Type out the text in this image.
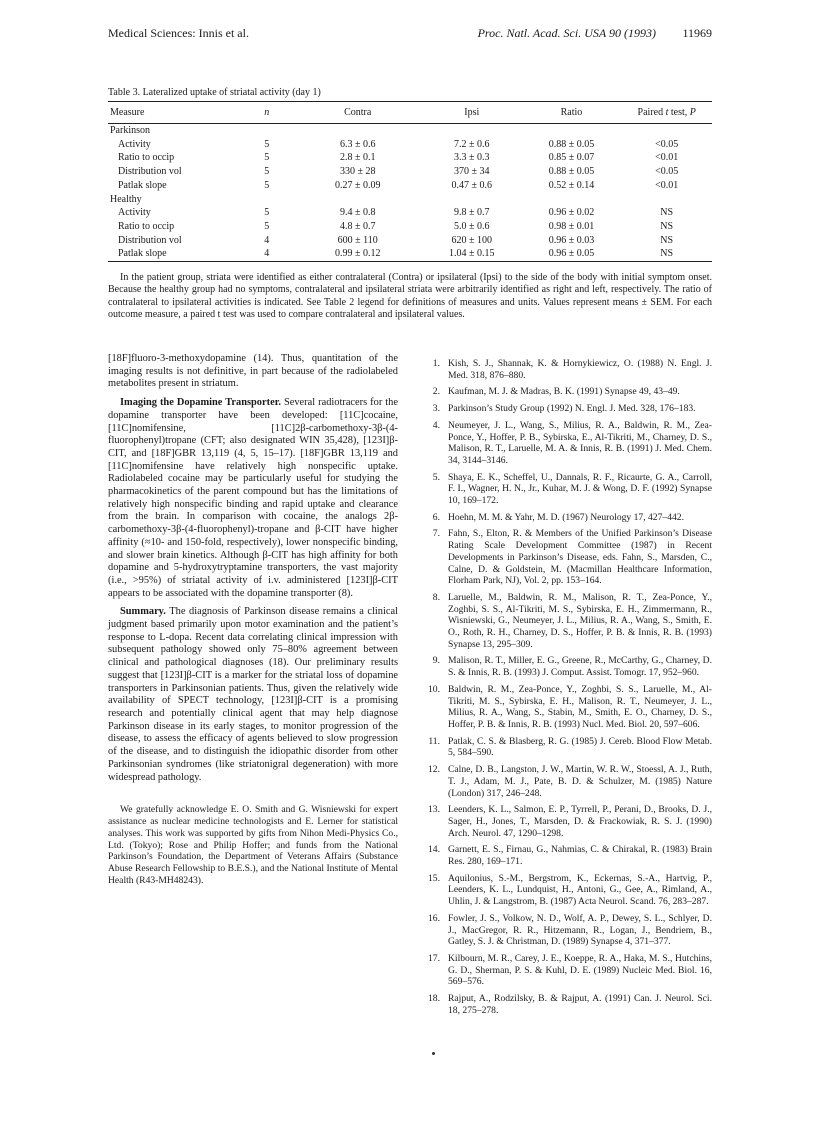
Medical Sciences: Innis et al.	Proc. Natl. Acad. Sci. USA 90 (1993) 11969
Table 3. Lateralized uptake of striatal activity (day 1)
Measure	n	Contra	Ipsi	Ratio	Paired t test, P
Parkinson					
Activity	5	6.3 ± 0.6	7.2 ± 0.6	0.88 ± 0.05	<0.05
Ratio to occip	5	2.8 ± 0.1	3.3 ± 0.3	0.85 ± 0.07	<0.01
Distribution vol	5	330 ± 28	370 ± 34	0.88 ± 0.05	<0.05
Patlak slope	5	0.27 ± 0.09	0.47 ± 0.6	0.52 ± 0.14	<0.01
Healthy					
Activity	5	9.4 ± 0.8	9.8 ± 0.7	0.96 ± 0.02	NS
Ratio to occip	5	4.8 ± 0.7	5.0 ± 0.6	0.98 ± 0.01	NS
Distribution vol	4	600 ± 110	620 ± 100	0.96 ± 0.03	NS
Patlak slope	4	0.99 ± 0.12	1.04 ± 0.15	0.96 ± 0.05	NS
In the patient group, striata were identified as either contralateral (Contra) or ipsilateral (Ipsi) to the side of the body with initial symptom onset. Because the healthy group had no symptoms, contralateral and ipsilateral striata were arbitrarily identified as right and left, respectively. The ratio of contralateral to ipsilateral activities is indicated. See Table 2 legend for definitions of measures and units. Values represent means ± SEM. For each outcome measure, a paired t test was used to compare contralateral and ipsilateral values.

[18F]fluoro-3-methoxydopamine (14). Thus, quantitation of the imaging results is not definitive, in part because of the radiolabeled metabolites present in striatum.

Imaging the Dopamine Transporter. Several radiotracers for the dopamine transporter have been developed: [11C]cocaine, [11C]nomifensine, [11C]2β-carbomethoxy-3β-(4-fluorophenyl)tropane (CFT; also designated WIN 35,428), [123I]β-CIT, and [18F]GBR 13,119 (4, 5, 15–17). [18F]GBR 13,119 and [11C]nomifensine have relatively high nonspecific uptake. Radiolabeled cocaine may be particularly useful for studying the pharmacokinetics of the parent compound but has the limitations of relatively high nonspecific binding and rapid uptake and clearance from the brain. In comparison with cocaine, the analogs 2β-carbomethoxy-3β-(4-fluorophenyl)-tropane and β-CIT have higher affinity (≈10- and 150-fold, respectively), lower nonspecific binding, and slower brain kinetics. Although β-CIT has high affinity for both dopamine and 5-hydroxytryptamine transporters, the vast majority (i.e., >95%) of striatal activity of i.v. administered [123I]β-CIT appears to be associated with the dopamine transporter (8).

Summary. The diagnosis of Parkinson disease remains a clinical judgment based primarily upon motor examination and the patient’s response to L-dopa. Recent data correlating clinical impression with subsequent pathology showed only 75–80% agreement between clinical and pathological diagnoses (18). Our preliminary results suggest that [123I]β-CIT is a marker for the striatal loss of dopamine transporters in Parkinsonian patients. Thus, given the relatively wide availability of SPECT technology, [123I]β-CIT is a promising research and potentially clinical agent that may help diagnose Parkinson disease in its early stages, to monitor progression of the disease, to assess the efficacy of agents believed to slow progression of the disease, and to distinguish the idiopathic disorder from other Parkinsonian syndromes (like striatonigral degeneration) with more widespread pathology.

We gratefully acknowledge E. O. Smith and G. Wisniewski for expert assistance as nuclear medicine technologists and E. Lerner for statistical analyses. This work was supported by gifts from Nihon Medi-Physics Co., Ltd. (Tokyo); Rose and Philip Hoffer; and funds from the National Parkinson’s Foundation, the Department of Veterans Affairs (Substance Abuse Research Fellowship to B.E.S.), and the National Institute of Mental Health (R43-MH48243).

1. Kish, S. J., Shannak, K. & Hornykiewicz, O. (1988) N. Engl. J. Med. 318, 876–880.
2. Kaufman, M. J. & Madras, B. K. (1991) Synapse 49, 43–49.
3. Parkinson’s Study Group (1992) N. Engl. J. Med. 328, 176–183.
4. Neumeyer, J. L., Wang, S., Milius, R. A., Baldwin, R. M., Zea-Ponce, Y., Hoffer, P. B., Sybirska, E., Al-Tikriti, M., Charney, D. S., Malison, R. T., Laruelle, M. A. & Innis, R. B. (1991) J. Med. Chem. 34, 3144–3146.
5. Shaya, E. K., Scheffel, U., Dannals, R. F., Ricaurte, G. A., Carroll, F. I., Wagner, H. N., Jr., Kuhar, M. J. & Wong, D. F. (1992) Synapse 10, 169–172.
6. Hoehn, M. M. & Yahr, M. D. (1967) Neurology 17, 427–442.
7. Fahn, S., Elton, R. & Members of the Unified Parkinson’s Disease Rating Scale Development Committee (1987) in Recent Developments in Parkinson’s Disease, eds. Fahn, S., Marsden, C., Calne, D. & Goldstein, M. (Macmillan Healthcare Information, Florham Park, NJ), Vol. 2, pp. 153–164.
8. Laruelle, M., Baldwin, R. M., Malison, R. T., Zea-Ponce, Y., Zoghbi, S. S., Al-Tikriti, M. S., Sybirska, E. H., Zimmermann, R., Wisniewski, G., Neumeyer, J. L., Milius, R. A., Wang, S., Smith, E. O., Roth, R. H., Charney, D. S., Hoffer, P. B. & Innis, R. B. (1993) Synapse 13, 295–309.
9. Malison, R. T., Miller, E. G., Greene, R., McCarthy, G., Charney, D. S. & Innis, R. B. (1993) J. Comput. Assist. Tomogr. 17, 952–960.
10. Baldwin, R. M., Zea-Ponce, Y., Zoghbi, S. S., Laruelle, M., Al-Tikriti, M. S., Sybirska, E. H., Malison, R. T., Neumeyer, J. L., Milius, R. A., Wang, S., Stabin, M., Smith, E. O., Charney, D. S., Hoffer, P. B. & Innis, R. B. (1993) Nucl. Med. Biol. 20, 597–606.
11. Patlak, C. S. & Blasberg, R. G. (1985) J. Cereb. Blood Flow Metab. 5, 584–590.
12. Calne, D. B., Langston, J. W., Martin, W. R. W., Stoessl, A. J., Ruth, T. J., Adam, M. J., Pate, B. D. & Schulzer, M. (1985) Nature (London) 317, 246–248.
13. Leenders, K. L., Salmon, E. P., Tyrrell, P., Perani, D., Brooks, D. J., Sager, H., Jones, T., Marsden, D. & Frackowiak, R. S. J. (1990) Arch. Neurol. 47, 1290–1298.
14. Garnett, E. S., Firnau, G., Nahmias, C. & Chirakal, R. (1983) Brain Res. 280, 169–171.
15. Aquilonius, S.-M., Bergstrom, K., Eckernas, S.-A., Hartvig, P., Leenders, K. L., Lundquist, H., Antoni, G., Gee, A., Rimland, A., Uhlin, J. & Langstrom, B. (1987) Acta Neurol. Scand. 76, 283–287.
16. Fowler, J. S., Volkow, N. D., Wolf, A. P., Dewey, S. L., Schlyer, D. J., MacGregor, R. R., Hitzemann, R., Logan, J., Bendriem, B., Gatley, S. J. & Christman, D. (1989) Synapse 4, 371–377.
17. Kilbourn, M. R., Carey, J. E., Koeppe, R. A., Haka, M. S., Hutchins, G. D., Sherman, P. S. & Kuhl, D. E. (1989) Nucleic Med. Biol. 16, 569–576.
18. Rajput, A., Rodzilsky, B. & Rajput, A. (1991) Can. J. Neurol. Sci. 18, 275–278.
